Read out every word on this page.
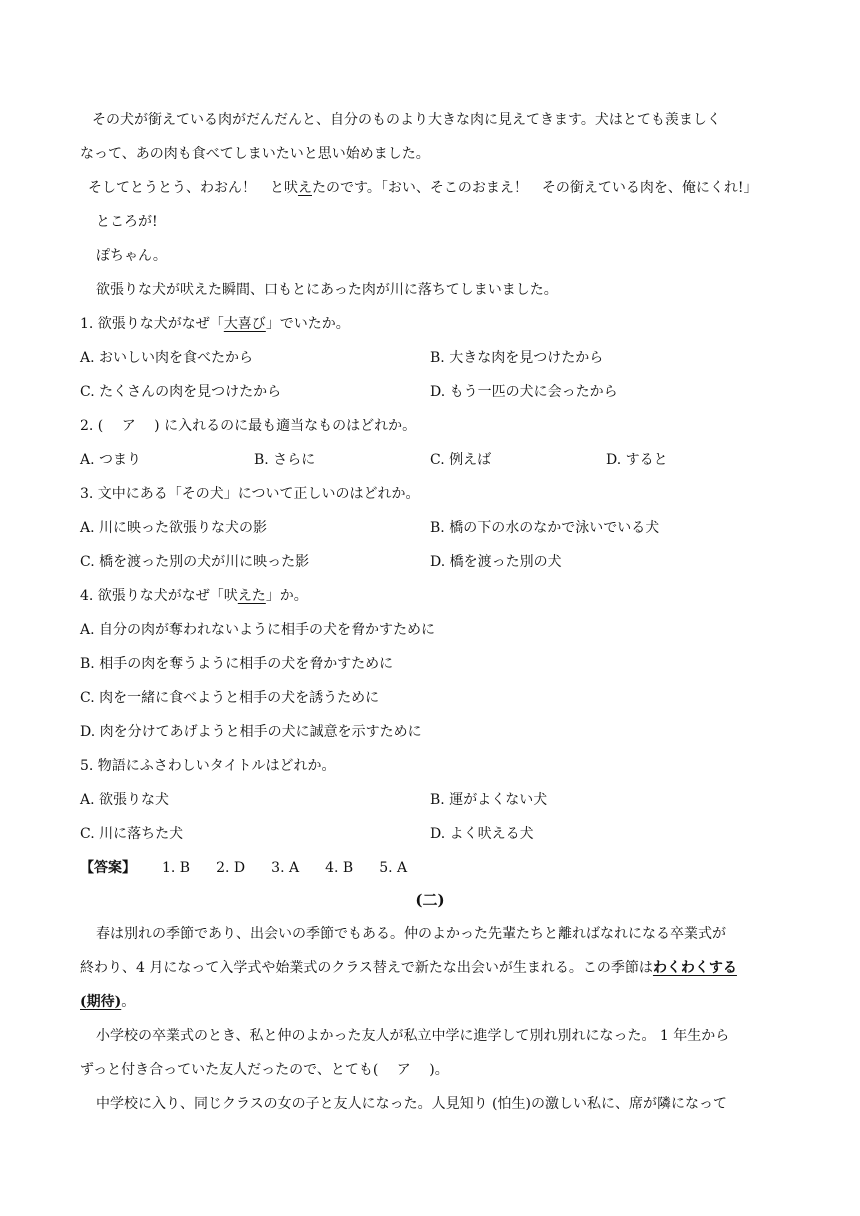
その犬が銜えている肉がだんだんと、自分のものより大きな肉に見えてきます。犬はとても羡ましく
なって、あの肉も食べてしまいたいと思い始めました。
そしてとうとう、わおん！　と吠えたのです。「おい、そこのおまえ！　その銜えている肉を、俺にくれ!」
ところが!
ぽちゃん。
欲張りな犬が吠えた瞬間、口もとにあった肉が川に落ちてしまいました。
1. 欲張りな犬がなぜ「大喜び」でいたか。
A. おいしい肉を食べたから	B. 大きな肉を見つけたから
C. たくさんの肉を見つけたから	D. もう一匹の犬に会ったから
2. (　 ア　 ) に入れるのに最も適当なものはどれか。
A. つまり	B. さらに	C. 例えば	D. すると
3. 文中にある「その犬」について正しいのはどれか。
A. 川に映った欲張りな犬の影	B. 橋の下の水のなかで泳いでいる犬
C. 橋を渡った別の犬が川に映った影	D. 橋を渡った別の犬
4. 欲張りな犬がなぜ「吠えた」か。
A. 自分の肉が奪われないように相手の犬を脅かすために
B. 相手の肉を奪うように相手の犬を脅かすために
C. 肉を一緒に食べようと相手の犬を誘うために
D. 肉を分けてあげようと相手の犬に誠意を示すために
5. 物語にふさわしいタイトルはどれか。
A. 欲張りな犬	B. 運がよくない犬
C. 川に落ちた犬	D. よく吠える犬
【答案】 1. B 2. D 3. A 4. B 5. A
(二)
春は別れの季節であり、出会いの季節でもある。仲のよかった先輩たちと離ればなれになる卒業式が
終わり、4 月になって入学式や始業式のクラス替えで新たな出会いが生まれる。この季節はわくわくする
(期待)。
小学校の卒業式のとき、私と仲のよかった友人が私立中学に進学して別れ別れになった。 1 年生から
ずっと付き合っていた友人だったので、とても(　 ア　 )。
中学校に入り、同じクラスの女の子と友人になった。人見知り (怕生)の激しい私に、席が隣になって
